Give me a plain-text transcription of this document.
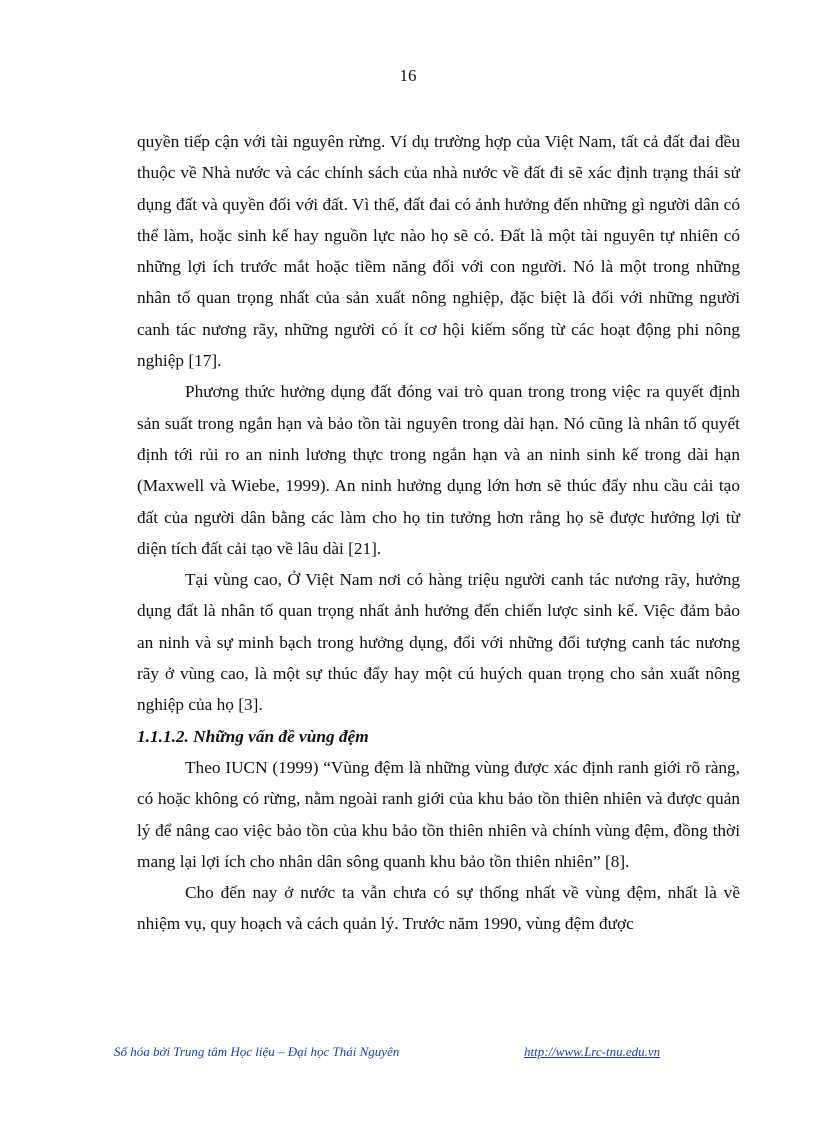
16

quyền tiếp cận với tài nguyên rừng. Ví dụ trường hợp của Việt Nam, tất cả đất đai đều thuộc về Nhà nước và các chính sách của nhà nước về đất đi sẽ xác định trạng thái sử dụng đất và quyền đối với đất. Vì thế, đất đai có ảnh hưởng đến những gì người dân có thể làm, hoặc sinh kế hay nguồn lực nào họ sẽ có. Đất là một tài nguyên tự nhiên có những lợi ích trước mắt hoặc tiềm năng đối với con người. Nó là một trong những nhân tố quan trọng nhất của sản xuất nông nghiệp, đặc biệt là đối với những người canh tác nương rãy, những người có ít cơ hội kiếm sống từ các hoạt động phi nông nghiệp [17].

Phương thức hưởng dụng đất đóng vai trò quan trong trong việc ra quyết định sản suất trong ngắn hạn và bảo tồn tài nguyên trong dài hạn. Nó cũng là nhân tố quyết định tới rủi ro an ninh lương thực trong ngắn hạn và an ninh sinh kế trong dài hạn (Maxwell và Wiebe, 1999). An ninh hưởng dụng lớn hơn sẽ thúc đẩy nhu cầu cải tạo đất của người dân bằng các làm cho họ tin tưởng hơn rằng họ sẽ được hưởng lợi từ diện tích đất cải tạo về lâu dài [21].

Tại vùng cao, Ở Việt Nam nơi có hàng triệu người canh tác nương rãy, hưởng dụng đất là nhân tố quan trọng nhất ảnh hưởng đến chiến lược sinh kế. Việc đảm bảo an ninh và sự minh bạch trong hưởng dụng, đối với những đối tượng canh tác nương rãy ở vùng cao, là một sự thúc đẩy hay một cú huých quan trọng cho sản xuất nông nghiệp của họ [3].

1.1.1.2. Những vấn đề vùng đệm

Theo IUCN (1999) “Vùng đệm là những vùng được xác định ranh giới rõ ràng, có hoặc không có rừng, nằm ngoài ranh giới của khu bảo tồn thiên nhiên và được quản lý để nâng cao việc bảo tồn của khu bảo tồn thiên nhiên và chính vùng đệm, đồng thời mang lại lợi ích cho nhân dân sông quanh khu bảo tồn thiên nhiên” [8].

Cho đến nay ở nước ta vẫn chưa có sự thống nhất về vùng đệm, nhất là về nhiệm vụ, quy hoạch và cách quản lý. Trước năm 1990, vùng đệm được

Số hóa bởi Trung tâm Học liệu – Đại học Thái Nguyên	http://www.Lrc-tnu.edu.vn
